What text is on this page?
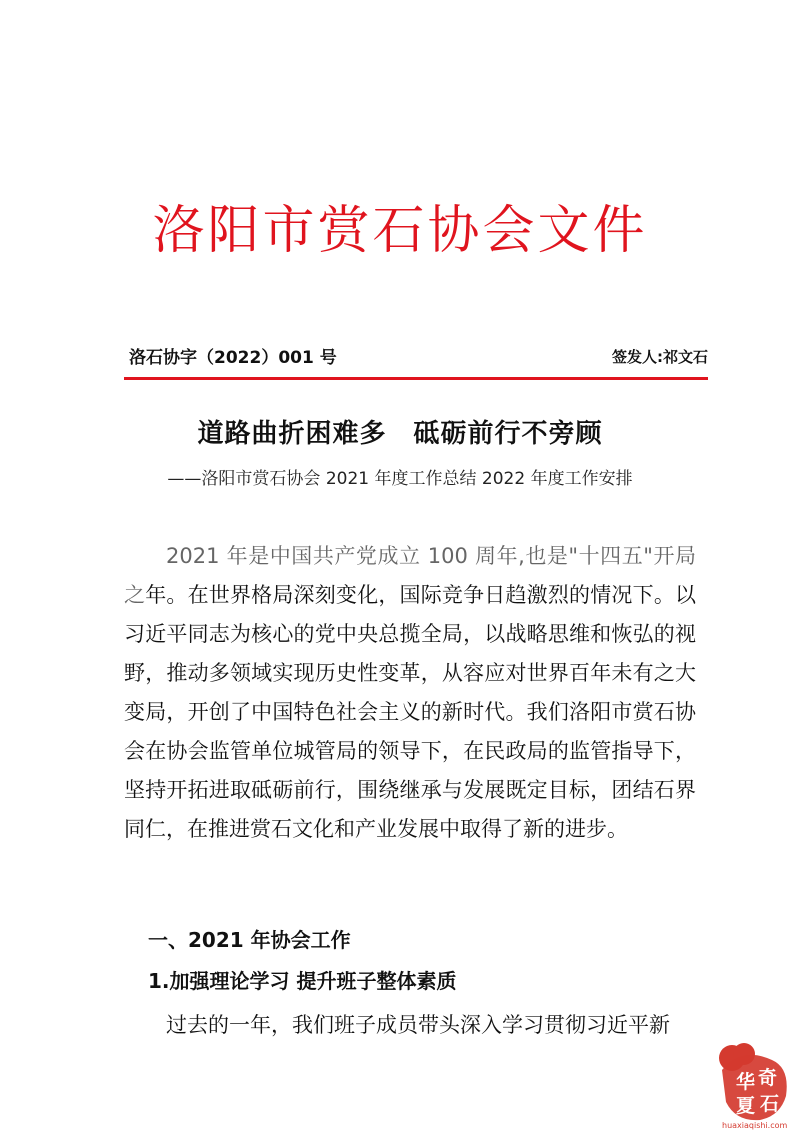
洛阳市赏石协会文件
洛石协字（2022）001 号	签发人:祁文石
道路曲折困难多　砥砺前行不旁顾
——洛阳市赏石协会 2021 年度工作总结 2022 年度工作安排
2021 年是中国共产党成立 100 周年,也是"十四五"开局之年。在世界格局深刻变化，国际竞争日趋激烈的情况下。以习近平同志为核心的党中央总揽全局，以战略思维和恢弘的视野，推动多领域实现历史性变革，从容应对世界百年未有之大变局，开创了中国特色社会主义的新时代。我们洛阳市赏石协会在协会监管单位城管局的领导下，在民政局的监管指导下，坚持开拓进取砥砺前行，围绕继承与发展既定目标，团结石界同仁，在推进赏石文化和产业发展中取得了新的进步。
一、2021 年协会工作
1.加强理论学习 提升班子整体素质
过去的一年，我们班子成员带头深入学习贯彻习近平新
华 奇
夏 石
huaxiaqishi.com
